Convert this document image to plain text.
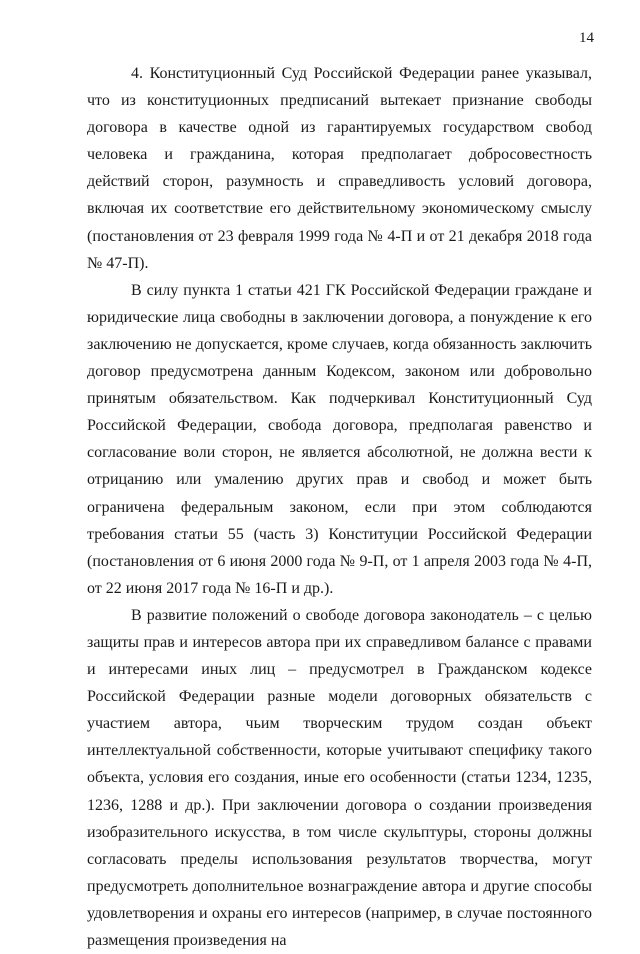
14

4. Конституционный Суд Российской Федерации ранее указывал, что из конституционных предписаний вытекает признание свободы договора в качестве одной из гарантируемых государством свобод человека и гражданина, которая предполагает добросовестность действий сторон, разумность и справедливость условий договора, включая их соответствие его действительному экономическому смыслу (постановления от 23 февраля 1999 года № 4-П и от 21 декабря 2018 года № 47-П).

В силу пункта 1 статьи 421 ГК Российской Федерации граждане и юридические лица свободны в заключении договора, а понуждение к его заключению не допускается, кроме случаев, когда обязанность заключить договор предусмотрена данным Кодексом, законом или добровольно принятым обязательством. Как подчеркивал Конституционный Суд Российской Федерации, свобода договора, предполагая равенство и согласование воли сторон, не является абсолютной, не должна вести к отрицанию или умалению других прав и свобод и может быть ограничена федеральным законом, если при этом соблюдаются требования статьи 55 (часть 3) Конституции Российской Федерации (постановления от 6 июня 2000 года № 9-П, от 1 апреля 2003 года № 4-П, от 22 июня 2017 года № 16-П и др.).

В развитие положений о свободе договора законодатель – с целью защиты прав и интересов автора при их справедливом балансе с правами и интересами иных лиц – предусмотрел в Гражданском кодексе Российской Федерации разные модели договорных обязательств с участием автора, чьим творческим трудом создан объект интеллектуальной собственности, которые учитывают специфику такого объекта, условия его создания, иные его особенности (статьи 1234, 1235, 1236, 1288 и др.). При заключении договора о создании произведения изобразительного искусства, в том числе скульптуры, стороны должны согласовать пределы использования результатов творчества, могут предусмотреть дополнительное вознаграждение автора и другие способы удовлетворения и охраны его интересов (например, в случае постоянного размещения произведения на
